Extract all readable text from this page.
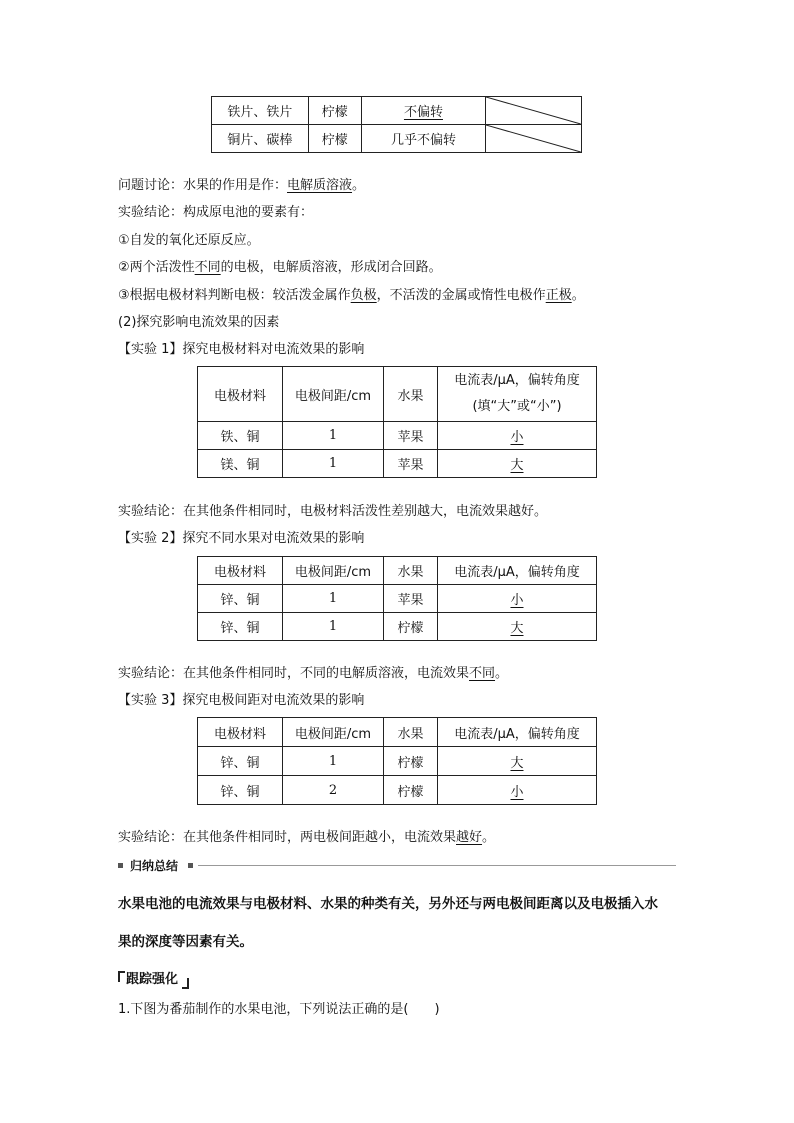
铁片、铁片	柠檬	不偏转	

铜片、碳棒	柠檬	几乎不偏转	
问题讨论：水果的作用是作：电解质溶液。
实验结论：构成原电池的要素有：
①自发的氧化还原反应。
②两个活泼性不同的电极，电解质溶液，形成闭合回路。
③根据电极材料判断电极：较活泼金属作负极，不活泼的金属或惰性电极作正极。
(2)探究影响电流效果的因素
【实验 1】探究电极材料对电流效果的影响
电极材料	电极间距/cm	水果	电流表/μA，偏转角度
(填“大”或“小”)

铁、铜	1	苹果	小
镁、铜	1	苹果	大
实验结论：在其他条件相同时，电极材料活泼性差别越大，电流效果越好。
【实验 2】探究不同水果对电流效果的影响
电极材料	电极间距/cm	水果	电流表/μA，偏转角度
锌、铜	1	苹果	小
锌、铜	1	柠檬	大
实验结论：在其他条件相同时，不同的电解质溶液，电流效果不同。
【实验 3】探究电极间距对电流效果的影响
电极材料	电极间距/cm	水果	电流表/μA，偏转角度
锌、铜	1	柠檬	大
锌、铜	2	柠檬	小
实验结论：在其他条件相同时，两电极间距越小，电流效果越好。
归纳总结
水果电池的电流效果与电极材料、水果的种类有关，另外还与两电极间距离以及电极插入水
果的深度等因素有关。
跟踪强化
1.下图为番茄制作的水果电池，下列说法正确的是(　　)
